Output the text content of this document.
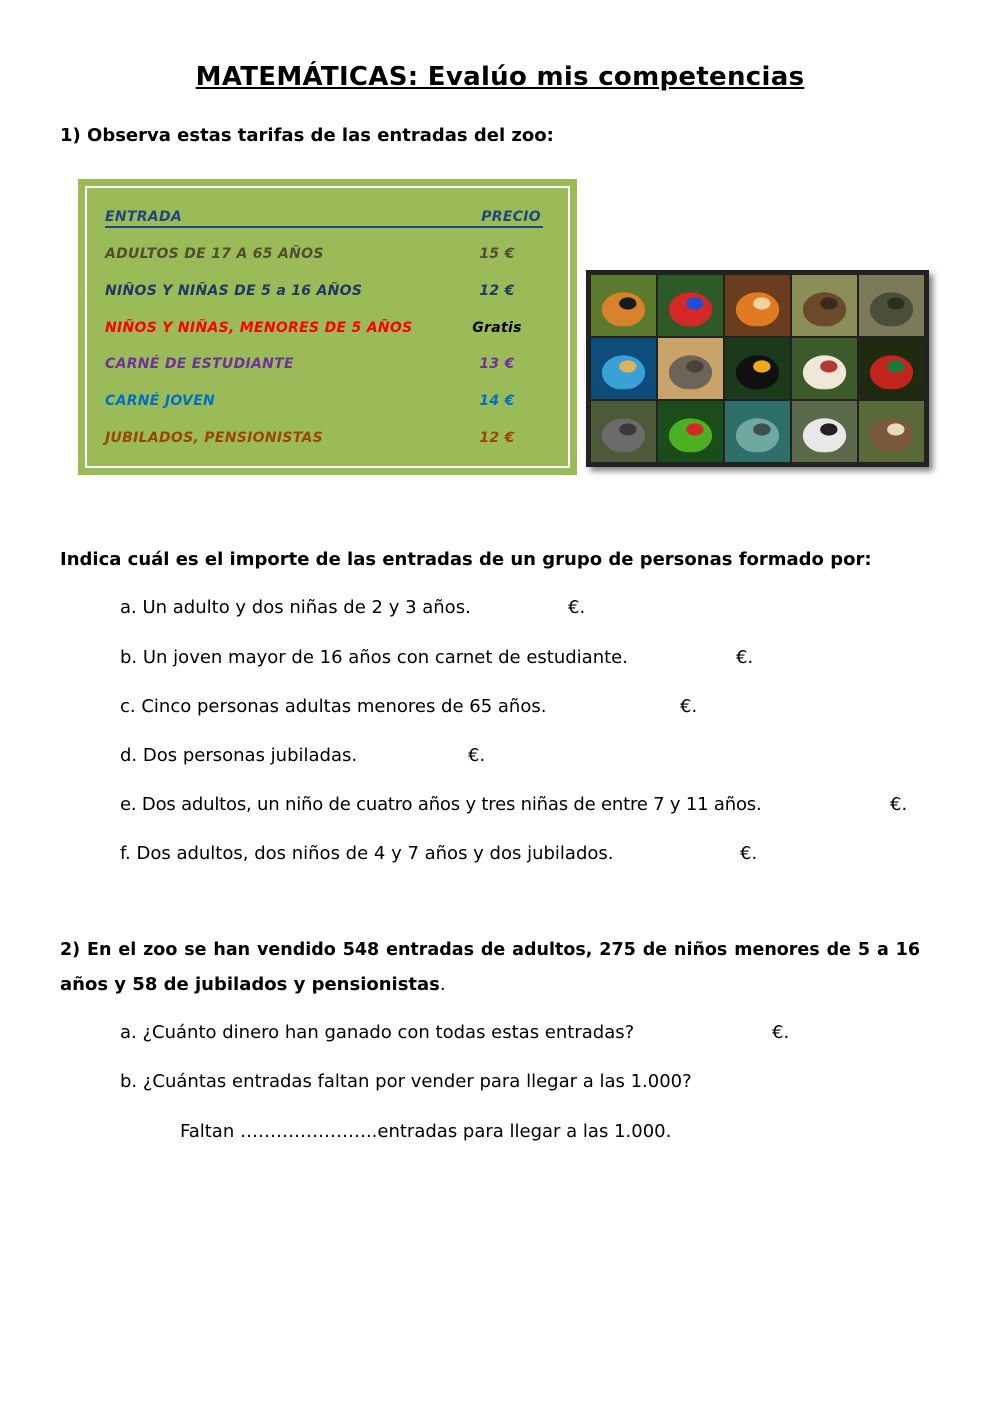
MATEMÁTICAS: Evalúo mis competencias
1) Observa estas tarifas de las entradas del zoo:
ENTRADA	PRECIO
ADULTOS DE 17 A 65 AÑOS	15 €
NIÑOS Y NIÑAS DE 5 a 16 AÑOS	12 €
NIÑOS Y NIÑAS, MENORES DE 5 AÑOS	Gratis
CARNÉ DE ESTUDIANTE	13 €
CARNÉ JOVEN	14 €
JUBILADOS, PENSIONISTAS	12 €
Indica cuál es el importe de las entradas de un grupo de personas formado por:
a. Un adulto y dos niñas de 2 y 3 años.	€.
b. Un joven mayor de 16 años con carnet de estudiante.	€.
c. Cinco personas adultas menores de 65 años.	€.
d. Dos personas jubiladas.	€.
e. Dos adultos, un niño de cuatro años y tres niñas de entre 7 y 11 años.	€.
f. Dos adultos, dos niños de 4 y 7 años y dos jubilados.	€.
2) En el zoo se han vendido 548 entradas de adultos, 275 de niños menores de 5 a 16
años y 58 de jubilados y pensionistas.
a. ¿Cuánto dinero han ganado con todas estas entradas?	€.
b. ¿Cuántas entradas faltan por vender para llegar a las 1.000?
Faltan …………………..entradas para llegar a las 1.000.
